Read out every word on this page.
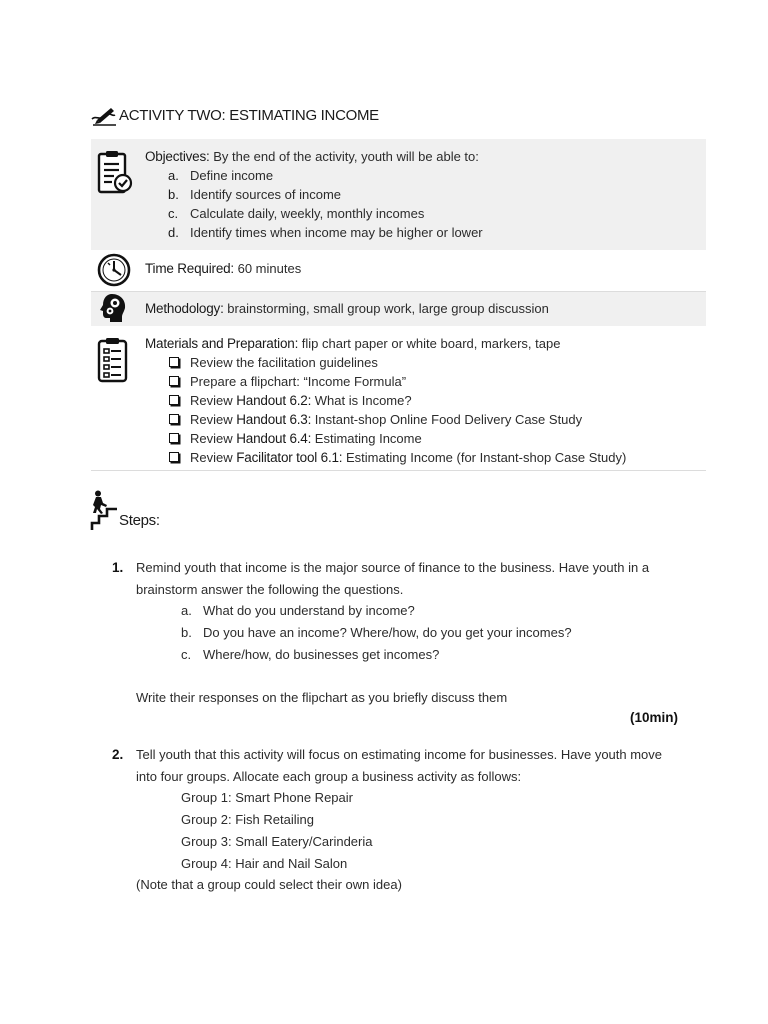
ACTIVITY TWO: ESTIMATING INCOME
Objectives: By the end of the activity, youth will be able to:
a. Define income
b. Identify sources of income
c. Calculate daily, weekly, monthly incomes
d. Identify times when income may be higher or lower
Time Required: 60 minutes
Methodology: brainstorming, small group work, large group discussion
Materials and Preparation: flip chart paper or white board, markers, tape
Review the facilitation guidelines
Prepare a flipchart: “Income Formula”
Review Handout 6.2: What is Income?
Review Handout 6.3: Instant-shop Online Food Delivery Case Study
Review Handout 6.4: Estimating Income
Review Facilitator tool 6.1: Estimating Income (for Instant-shop Case Study)
Steps:
1. Remind youth that income is the major source of finance to the business. Have youth in a brainstorm answer the following the questions.
a. What do you understand by income?
b. Do you have an income? Where/how, do you get your incomes?
c. Where/how, do businesses get incomes?
Write their responses on the flipchart as you briefly discuss them
(10min)
2. Tell youth that this activity will focus on estimating income for businesses. Have youth move into four groups. Allocate each group a business activity as follows:
Group 1: Smart Phone Repair
Group 2: Fish Retailing
Group 3: Small Eatery/Carinderia
Group 4: Hair and Nail Salon
(Note that a group could select their own idea)
